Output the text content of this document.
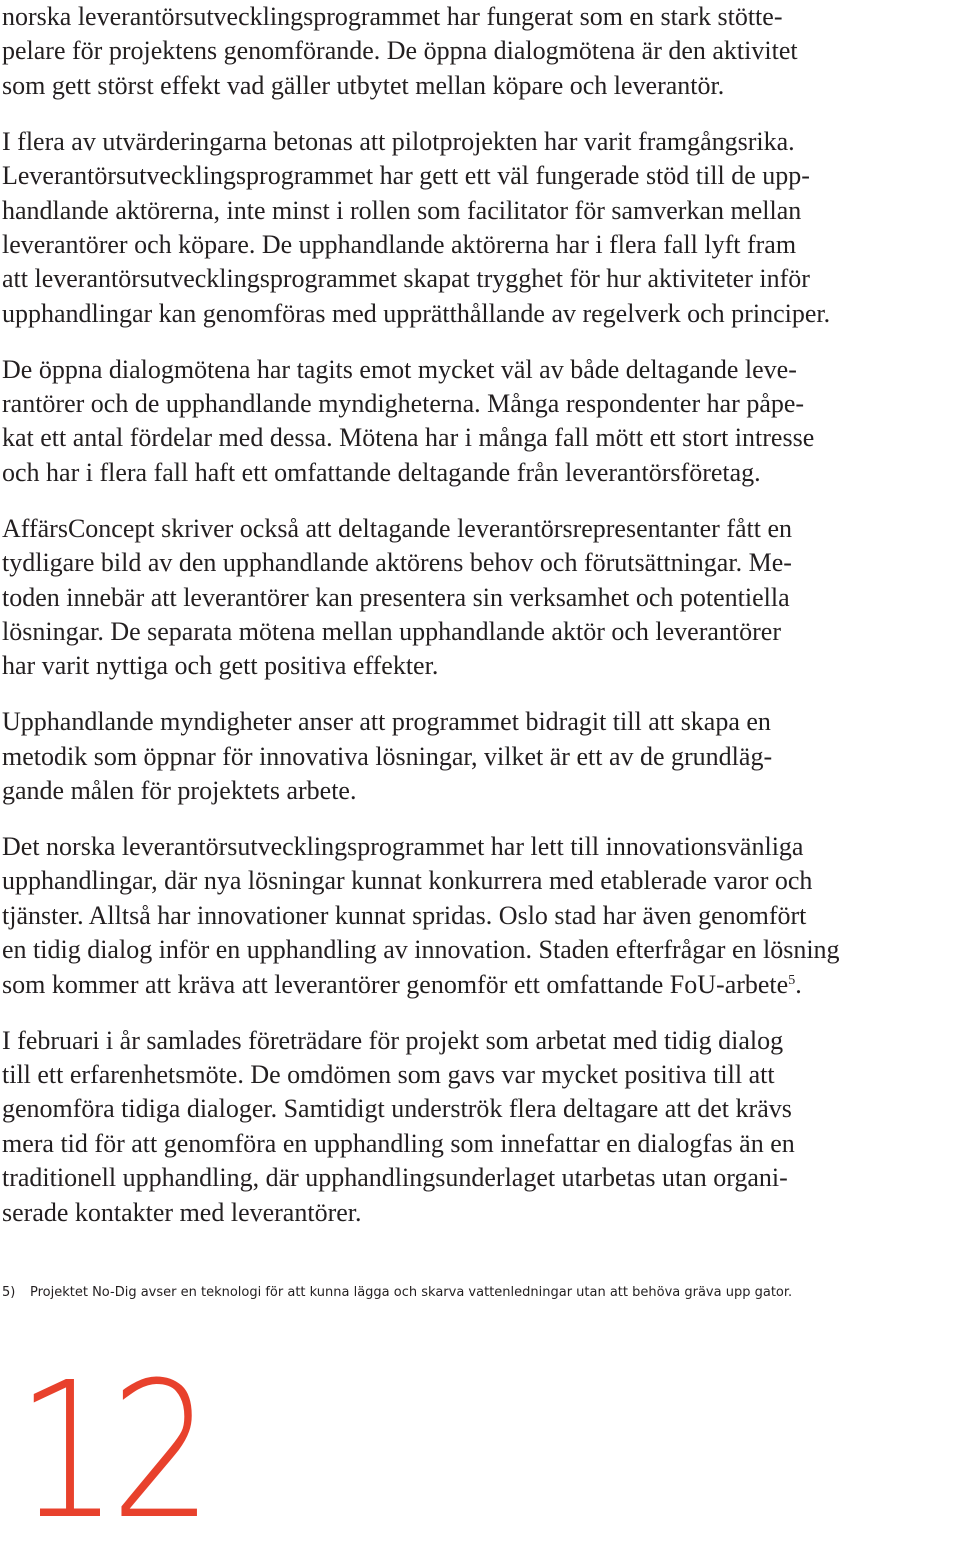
norska leverantörsutvecklingsprogrammet har fungerat som en stark stötte-
pelare för projektens genomförande. De öppna dialogmötena är den aktivitet
som gett störst effekt vad gäller utbytet mellan köpare och leverantör.

I flera av utvärderingarna betonas att pilotprojekten har varit framgångsrika.
Leverantörsutvecklingsprogrammet har gett ett väl fungerade stöd till de upp-
handlande aktörerna, inte minst i rollen som facilitator för samverkan mellan
leverantörer och köpare. De upphandlande aktörerna har i flera fall lyft fram
att leverantörsutvecklingsprogrammet skapat trygghet för hur aktiviteter inför
upphandlingar kan genomföras med upprätthållande av regelverk och principer.

De öppna dialogmötena har tagits emot mycket väl av både deltagande leve-
rantörer och de upphandlande myndigheterna. Många respondenter har påpe-
kat ett antal fördelar med dessa. Mötena har i många fall mött ett stort intresse
och har i flera fall haft ett omfattande deltagande från leverantörsföretag.

AffärsConcept skriver också att deltagande leverantörsrepresentanter fått en
tydligare bild av den upphandlande aktörens behov och förutsättningar. Me-
toden innebär att leverantörer kan presentera sin verksamhet och potentiella
lösningar. De separata mötena mellan upphandlande aktör och leverantörer
har varit nyttiga och gett positiva effekter.

Upphandlande myndigheter anser att programmet bidragit till att skapa en
metodik som öppnar för innovativa lösningar, vilket är ett av de grundläg-
gande målen för projektets arbete.

Det norska leverantörsutvecklingsprogrammet har lett till innovationsvänliga
upphandlingar, där nya lösningar kunnat konkurrera med etablerade varor och
tjänster. Alltså har innovationer kunnat spridas. Oslo stad har även genomfört
en tidig dialog inför en upphandling av innovation. Staden efterfrågar en lösning
som kommer att kräva att leverantörer genomför ett omfattande FoU-arbete$^5$.

I februari i år samlades företrädare för projekt som arbetat med tidig dialog
till ett erfarenhetsmöte. De omdömen som gavs var mycket positiva till att
genomföra tidiga dialoger. Samtidigt underströk flera deltagare att det krävs
mera tid för att genomföra en upphandling som innefattar en dialogfas än en
traditionell upphandling, där upphandlingsunderlaget utarbetas utan organi-
serade kontakter med leverantörer.

5) Projektet No-Dig avser en teknologi för att kunna lägga och skarva vattenledningar utan att behöva gräva upp gator.
12
